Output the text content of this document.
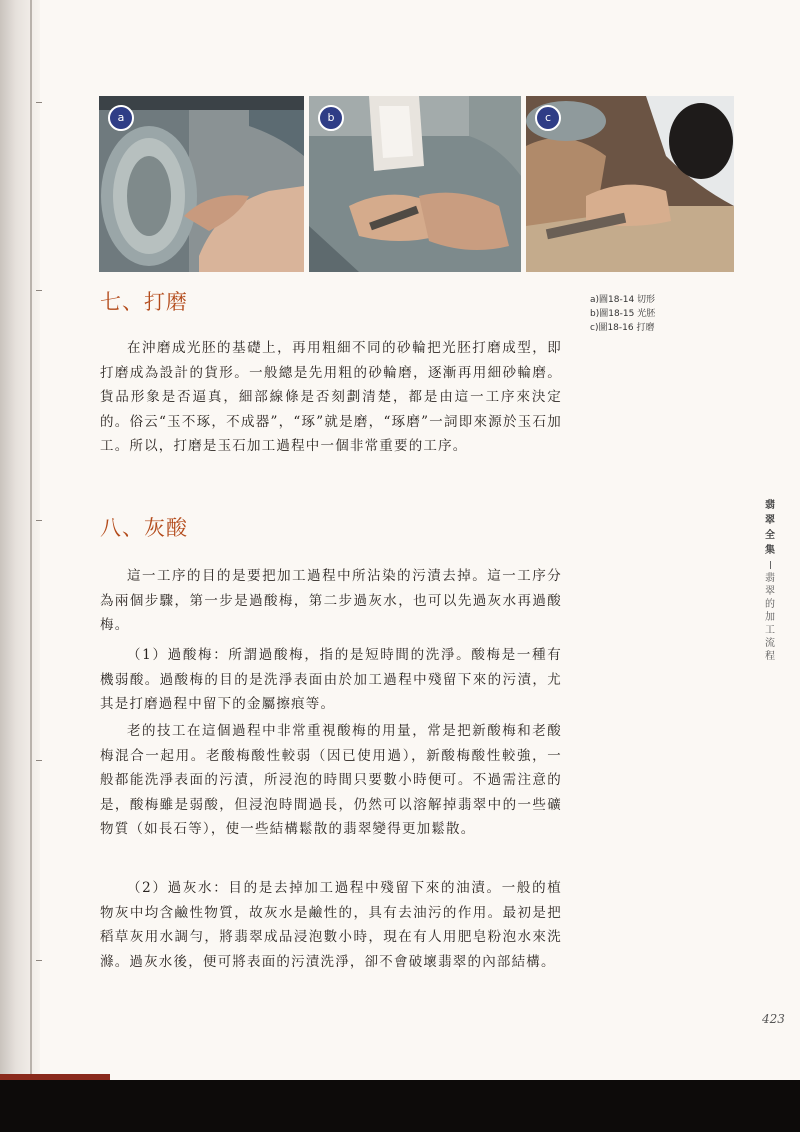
a	b	c
七、打磨	a)圖18-14 切形
b)圖18-15 光胚
c)圖18-16 打磨

在沖磨成光胚的基礎上，再用粗細不同的砂輪把光胚打磨成型，即打磨成為設計的貨形。一般總是先用粗的砂輪磨，逐漸再用細砂輪磨。貨品形象是否逼真，細部線條是否刻劃清楚，都是由這一工序來決定的。俗云“玉不琢，不成器”，“琢”就是磨，“琢磨”一詞即來源於玉石加工。所以，打磨是玉石加工過程中一個非常重要的工序。

八、灰酸

這一工序的目的是要把加工過程中所沾染的污漬去掉。這一工序分為兩個步驟，第一步是過酸梅，第二步過灰水，也可以先過灰水再過酸梅。

（1）過酸梅：所謂過酸梅，指的是短時間的洗淨。酸梅是一種有機弱酸。過酸梅的目的是洗淨表面由於加工過程中殘留下來的污漬，尤其是打磨過程中留下的金屬擦痕等。

老的技工在這個過程中非常重視酸梅的用量，常是把新酸梅和老酸梅混合一起用。老酸梅酸性較弱（因已使用過），新酸梅酸性較強，一般都能洗淨表面的污漬，所浸泡的時間只要數小時便可。不過需注意的是，酸梅雖是弱酸，但浸泡時間過長，仍然可以溶解掉翡翠中的一些礦物質（如長石等），使一些結構鬆散的翡翠變得更加鬆散。

（2）過灰水：目的是去掉加工過程中殘留下來的油漬。一般的植物灰中均含鹼性物質，故灰水是鹼性的，具有去油污的作用。最初是把稻草灰用水調勻，將翡翠成品浸泡數小時，現在有人用肥皂粉泡水來洗滌。過灰水後，便可將表面的污漬洗淨，卻不會破壞翡翠的內部結構。

翡
翠
全
集
翡
翠
的
加
工
流
程
423
